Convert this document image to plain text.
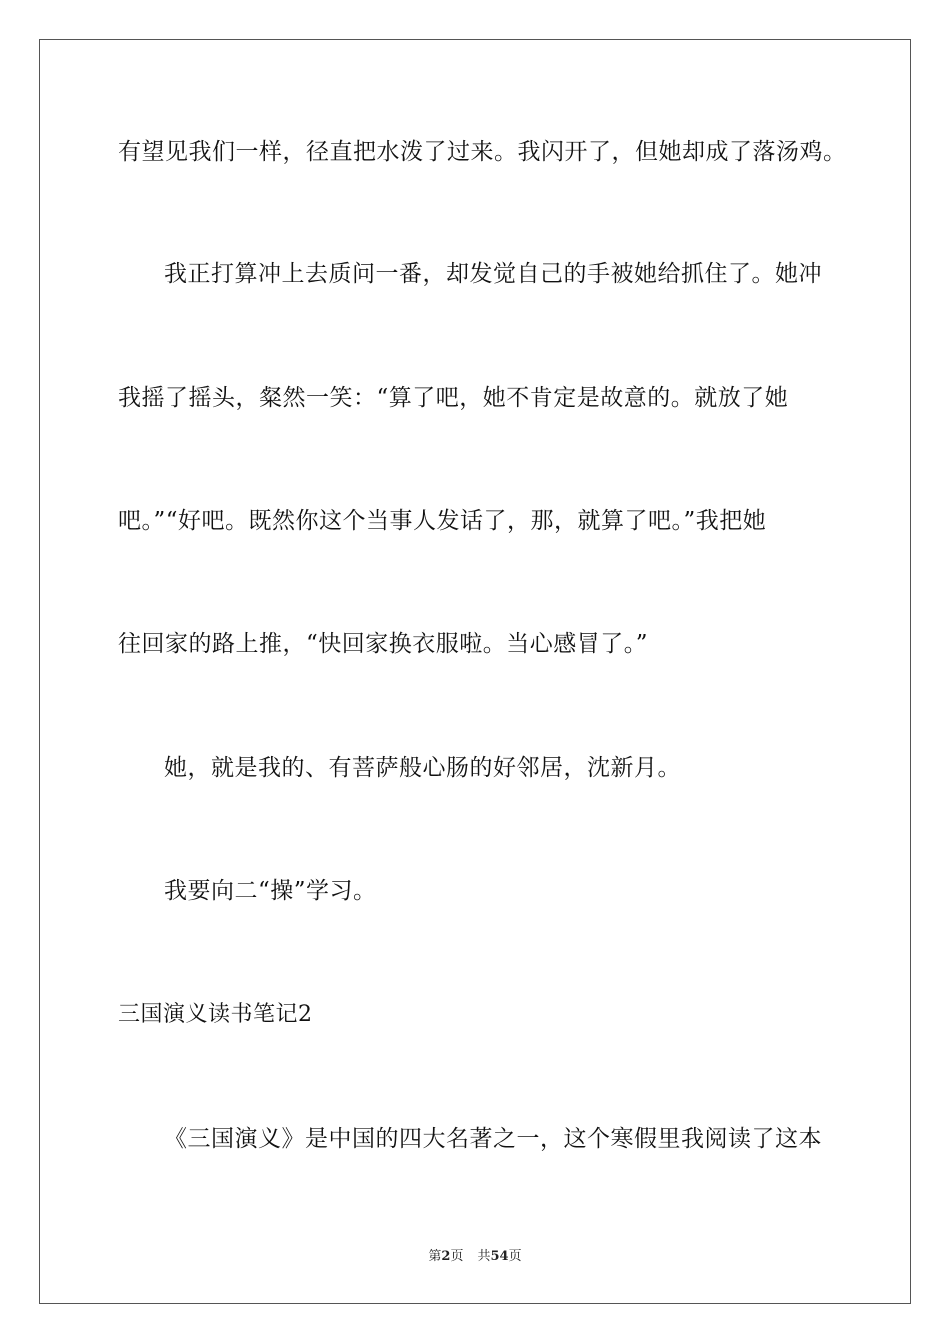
有望见我们一样，径直把水泼了过来。我闪开了，但她却成了落汤鸡。
我正打算冲上去质问一番，却发觉自己的手被她给抓住了。她冲
我摇了摇头，粲然一笑：“算了吧，她不肯定是故意的。就放了她
吧。”“好吧。既然你这个当事人发话了，那，就算了吧。”我把她
往回家的路上推，“快回家换衣服啦。当心感冒了。”
她，就是我的、有菩萨般心肠的好邻居，沈新月。
我要向二“操”学习。
三国演义读书笔记2
《三国演义》是中国的四大名著之一，这个寒假里我阅读了这本
第2页 共54页
